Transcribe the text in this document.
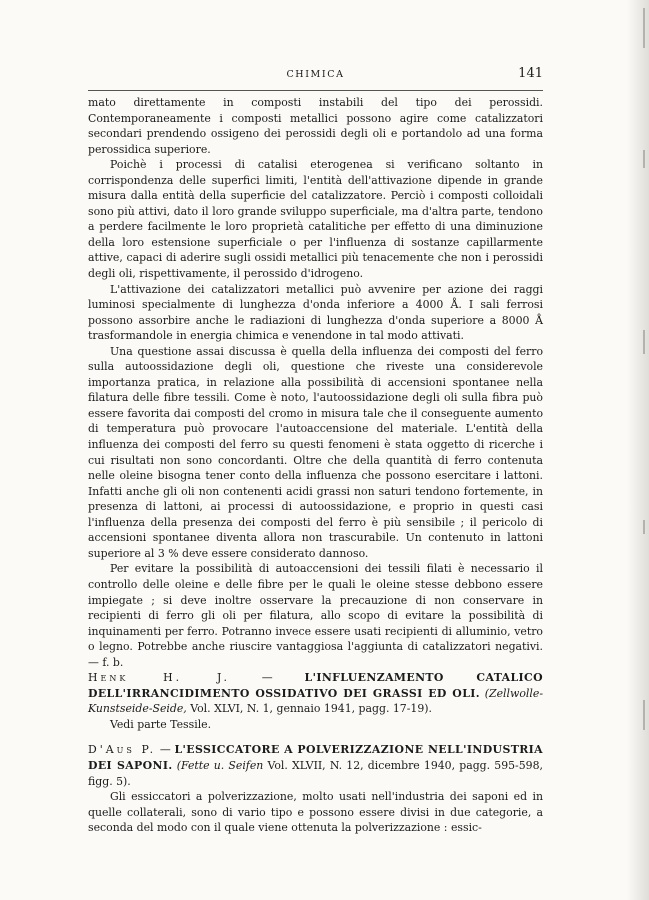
CHIMICA	141

mato direttamente in composti instabili del tipo dei perossidi. Contemporaneamente i composti metallici possono agire come catalizzatori secondari prendendo ossigeno dei perossidi degli oli e portandolo ad una forma perossidica superiore.

Poichè i processi di catalisi eterogenea si verificano soltanto in corrispondenza delle superfici limiti, l'entità dell'attivazione dipende in grande misura dalla entità della superficie del catalizzatore. Perciò i composti colloidali sono più attivi, dato il loro grande sviluppo superficiale, ma d'altra parte, tendono a perdere facilmente le loro proprietà catalitiche per effetto di una diminuzione della loro estensione superficiale o per l'influenza di sostanze capillarmente attive, capaci di aderire sugli ossidi metallici più tenacemente che non i perossidi degli oli, rispettivamente, il perossido d'idrogeno.

L'attivazione dei catalizzatori metallici può avvenire per azione dei raggi luminosi specialmente di lunghezza d'onda inferiore a 4000 Å. I sali ferrosi possono assorbire anche le radiazioni di lunghezza d'onda superiore a 8000 Å trasformandole in energia chimica e venendone in tal modo attivati.

Una questione assai discussa è quella della influenza dei composti del ferro sulla autoossidazione degli oli, questione che riveste una considerevole importanza pratica, in relazione alla possibilità di accensioni spontanee nella filatura delle fibre tessili. Come è noto, l'autoossidazione degli oli sulla fibra può essere favorita dai composti del cromo in misura tale che il conseguente aumento di temperatura può provocare l'autoaccensione del materiale. L'entità della influenza dei composti del ferro su questi fenomeni è stata oggetto di ricerche i cui risultati non sono concordanti. Oltre che della quantità di ferro contenuta nelle oleine bisogna tener conto della influenza che possono esercitare i lattoni. Infatti anche gli oli non contenenti acidi grassi non saturi tendono fortemente, in presenza di lattoni, ai processi di autoossidazione, e proprio in questi casi l'influenza della presenza dei composti del ferro è più sensibile ; il pericolo di accensioni spontanee diventa allora non trascurabile. Un contenuto in lattoni superiore al 3 % deve essere considerato dannoso.

Per evitare la possibilità di autoaccensioni dei tessili filati è necessario il controllo delle oleine e delle fibre per le quali le oleine stesse debbono essere impiegate ; si deve inoltre osservare la precauzione di non conservare in recipienti di ferro gli oli per filatura, allo scopo di evitare la possibilità di inquinamenti per ferro. Potranno invece essere usati recipienti di alluminio, vetro o legno. Potrebbe anche riuscire vantaggiosa l'aggiunta di catalizzatori negativi. — f. b.

Henk H. J. — L'INFLUENZAMENTO CATALICO DELL'IRRANCIDIMENTO OSSIDATIVO DEI GRASSI ED OLI. (Zellwolle-Kunstseide-Seide, Vol. XLVI, N. 1, gennaio 1941, pagg. 17-19).

Vedi parte Tessile.

D'Aus P. — L'ESSICCATORE A POLVERIZZAZIONE NELL'INDUSTRIA DEI SAPONI. (Fette u. Seifen Vol. XLVII, N. 12, dicembre 1940, pagg. 595-598, figg. 5).

Gli essiccatori a polverizzazione, molto usati nell'industria dei saponi ed in quelle collaterali, sono di vario tipo e possono essere divisi in due categorie, a seconda del modo con il quale viene ottenuta la polverizzazione : essic-
